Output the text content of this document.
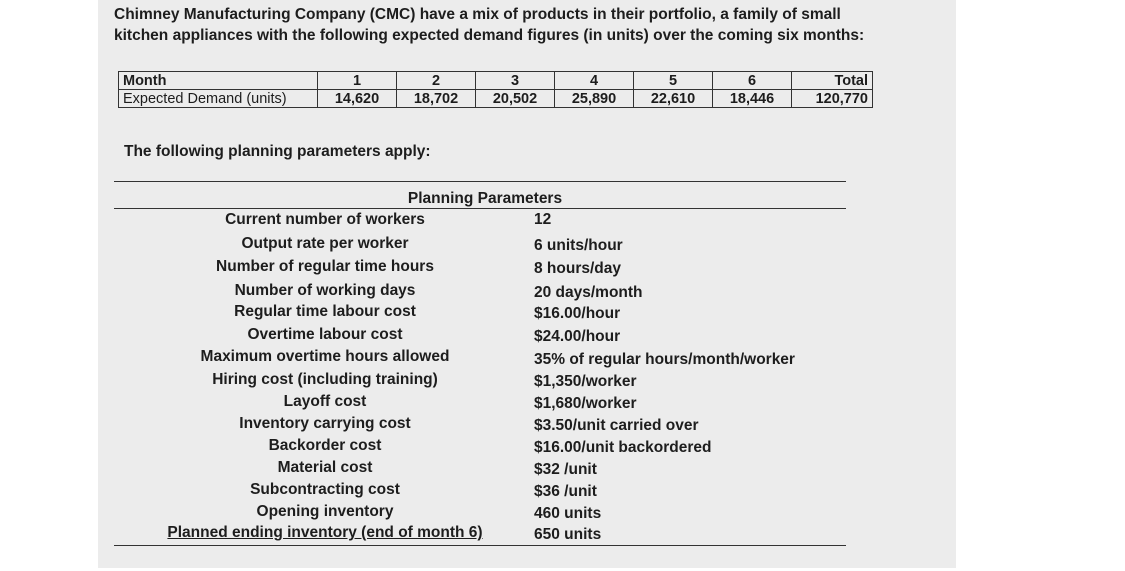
Chimney Manufacturing Company (CMC) have a mix of products in their portfolio, a family of small
kitchen appliances with the following expected demand figures (in units) over the coming six months:

Month	1	2	3	4	5	6	Total
Expected Demand (units)	14,620	18,702	20,502	25,890	22,610	18,446	120,770

The following planning parameters apply:

Planning Parameters
Current number of workers	12
Output rate per worker	6 units/hour
Number of regular time hours	8 hours/day
Number of working days	20 days/month
Regular time labour cost	$16.00/hour
Overtime labour cost	$24.00/hour
Maximum overtime hours allowed	35% of regular hours/month/worker
Hiring cost (including training)	$1,350/worker
Layoff cost	$1,680/worker
Inventory carrying cost	$3.50/unit carried over
Backorder cost	$16.00/unit backordered
Material cost	$32 /unit
Subcontracting cost	$36 /unit
Opening inventory	460 units
Planned ending inventory (end of month 6)	650 units
